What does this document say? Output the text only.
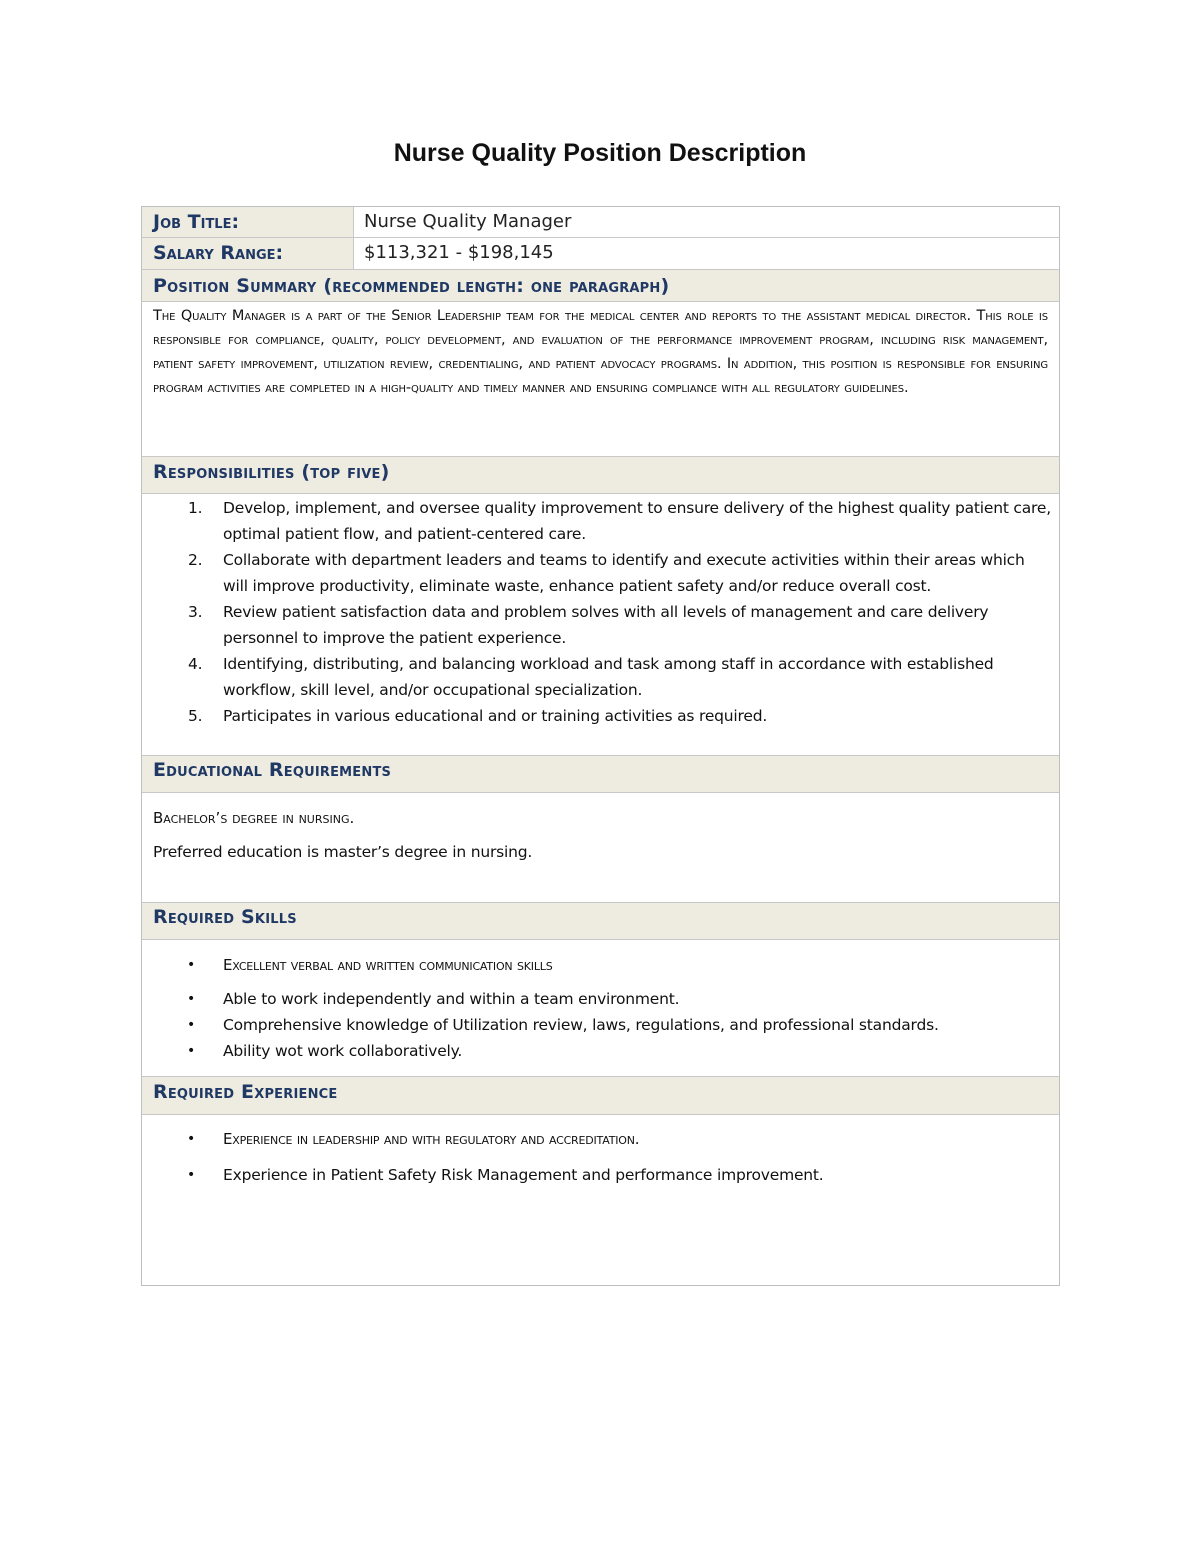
Nurse Quality Position Description
Job Title:	Nurse Quality Manager
Salary Range:	$113,321 - $198,145
Position Summary (recommended length: one paragraph)
The Quality Manager is a part of the Senior Leadership team for the medical center and reports to the assistant medical director. This role is responsible for compliance, quality, policy development, and evaluation of the performance improvement program, including risk management, patient safety improvement, utilization review, credentialing, and patient advocacy programs. In addition, this position is responsible for ensuring program activities are completed in a high-quality and timely manner and ensuring compliance with all regulatory guidelines.
Responsibilities (top five)
1. Develop, implement, and oversee quality improvement to ensure delivery of the highest quality patient care, optimal patient flow, and patient-centered care.
2. Collaborate with department leaders and teams to identify and execute activities within their areas which will improve productivity, eliminate waste, enhance patient safety and/or reduce overall cost.
3. Review patient satisfaction data and problem solves with all levels of management and care delivery personnel to improve the patient experience.
4. Identifying, distributing, and balancing workload and task among staff in accordance with established workflow, skill level, and/or occupational specialization.
5. Participates in various educational and or training activities as required.
Educational Requirements
Bachelor’s degree in nursing.
Preferred education is master’s degree in nursing.
Required Skills
• Excellent verbal and written communication skills
• Able to work independently and within a team environment.
• Comprehensive knowledge of Utilization review, laws, regulations, and professional standards.
• Ability wot work collaboratively.
Required Experience
• Experience in leadership and with regulatory and accreditation.
• Experience in Patient Safety Risk Management and performance improvement.
